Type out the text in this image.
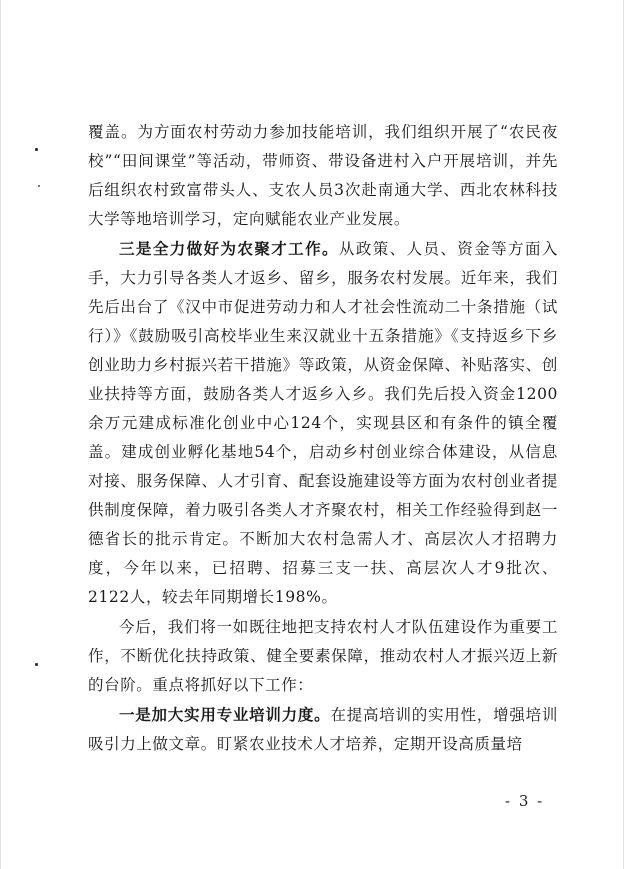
覆盖。为方面农村劳动力参加技能培训，我们组织开展了“农民夜校”“田间课堂”等活动，带师资、带设备进村入户开展培训，并先后组织农村致富带头人、支农人员3次赴南通大学、西北农林科技大学等地培训学习，定向赋能农业产业发展。

三是全力做好为农聚才工作。从政策、人员、资金等方面入手，大力引导各类人才返乡、留乡，服务农村发展。近年来，我们先后出台了《汉中市促进劳动力和人才社会性流动二十条措施（试行）》《鼓励吸引高校毕业生来汉就业十五条措施》《支持返乡下乡创业助力乡村振兴若干措施》等政策，从资金保障、补贴落实、创业扶持等方面，鼓励各类人才返乡入乡。我们先后投入资金1200余万元建成标准化创业中心124个，实现县区和有条件的镇全覆盖。建成创业孵化基地54个，启动乡村创业综合体建设，从信息对接、服务保障、人才引育、配套设施建设等方面为农村创业者提供制度保障，着力吸引各类人才齐聚农村，相关工作经验得到赵一德省长的批示肯定。不断加大农村急需人才、高层次人才招聘力度，今年以来，已招聘、招募三支一扶、高层次人才9批次、2122人，较去年同期增长198%。

今后，我们将一如既往地把支持农村人才队伍建设作为重要工作，不断优化扶持政策、健全要素保障，推动农村人才振兴迈上新的台阶。重点将抓好以下工作：

一是加大实用专业培训力度。在提高培训的实用性，增强培训吸引力上做文章。盯紧农业技术人才培养，定期开设高质量培

- 3 -
